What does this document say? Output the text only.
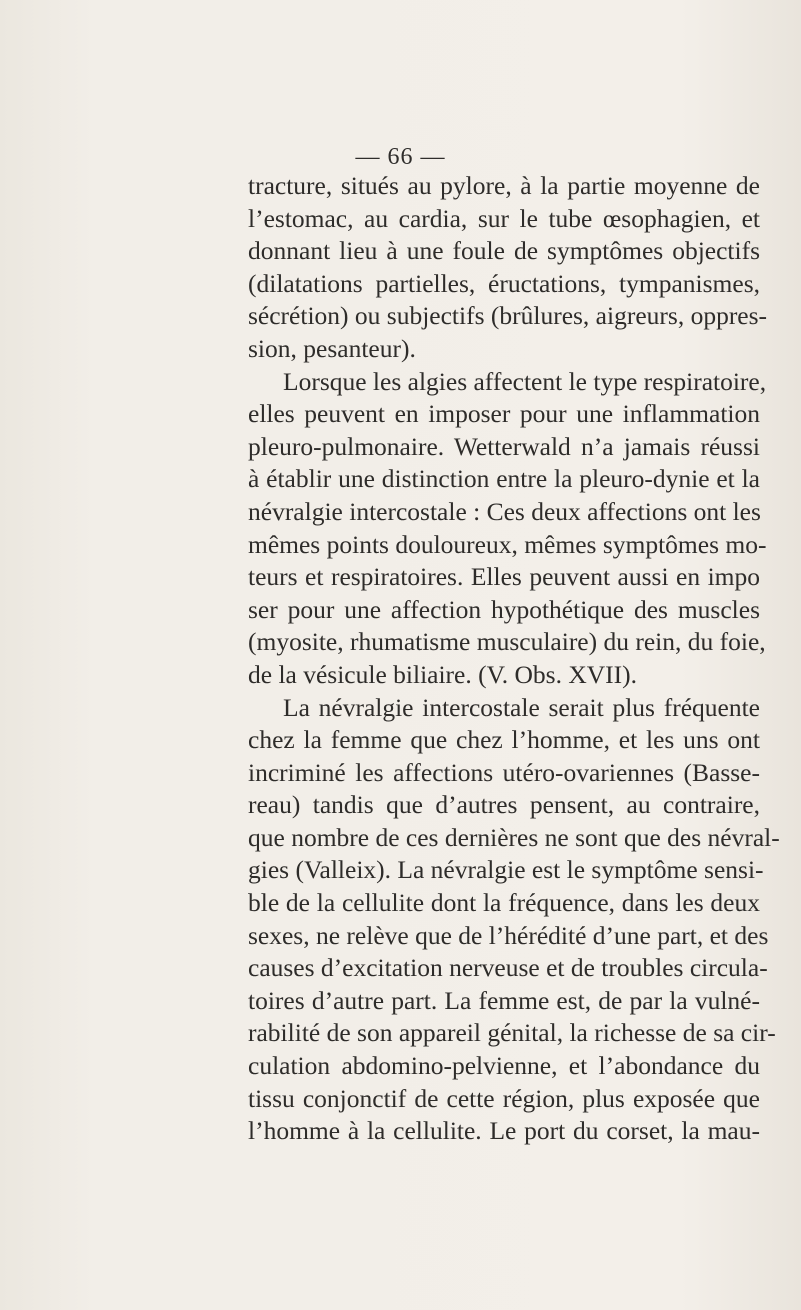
— 66 —
tracture, situés au pylore, à la partie moyenne de
l’estomac, au cardia, sur le tube œsophagien, et
donnant lieu à une foule de symptômes objectifs
(dilatations partielles, éructations, tympanismes,
sécrétion) ou subjectifs (brûlures, aigreurs, oppres-
sion, pesanteur).
Lorsque les algies affectent le type respiratoire,
elles peuvent en imposer pour une inflammation
pleuro-pulmonaire. Wetterwald n’a jamais réussi
à établir une distinction entre la pleuro-dynie et la
névralgie intercostale : Ces deux affections ont les
mêmes points douloureux, mêmes symptômes mo-
teurs et respiratoires. Elles peuvent aussi en impo
ser pour une affection hypothétique des muscles
(myosite, rhumatisme musculaire) du rein, du foie,
de la vésicule biliaire. (V. Obs. XVII).
La névralgie intercostale serait plus fréquente
chez la femme que chez l’homme, et les uns ont
incriminé les affections utéro-ovariennes (Basse-
reau) tandis que d’autres pensent, au contraire,
que nombre de ces dernières ne sont que des névral-
gies (Valleix). La névralgie est le symptôme sensi-
ble de la cellulite dont la fréquence, dans les deux
sexes, ne relève que de l’hérédité d’une part, et des
causes d’excitation nerveuse et de troubles circula-
toires d’autre part. La femme est, de par la vulné-
rabilité de son appareil génital, la richesse de sa cir-
culation abdomino-pelvienne, et l’abondance du
tissu conjonctif de cette région, plus exposée que
l’homme à la cellulite. Le port du corset, la mau-
